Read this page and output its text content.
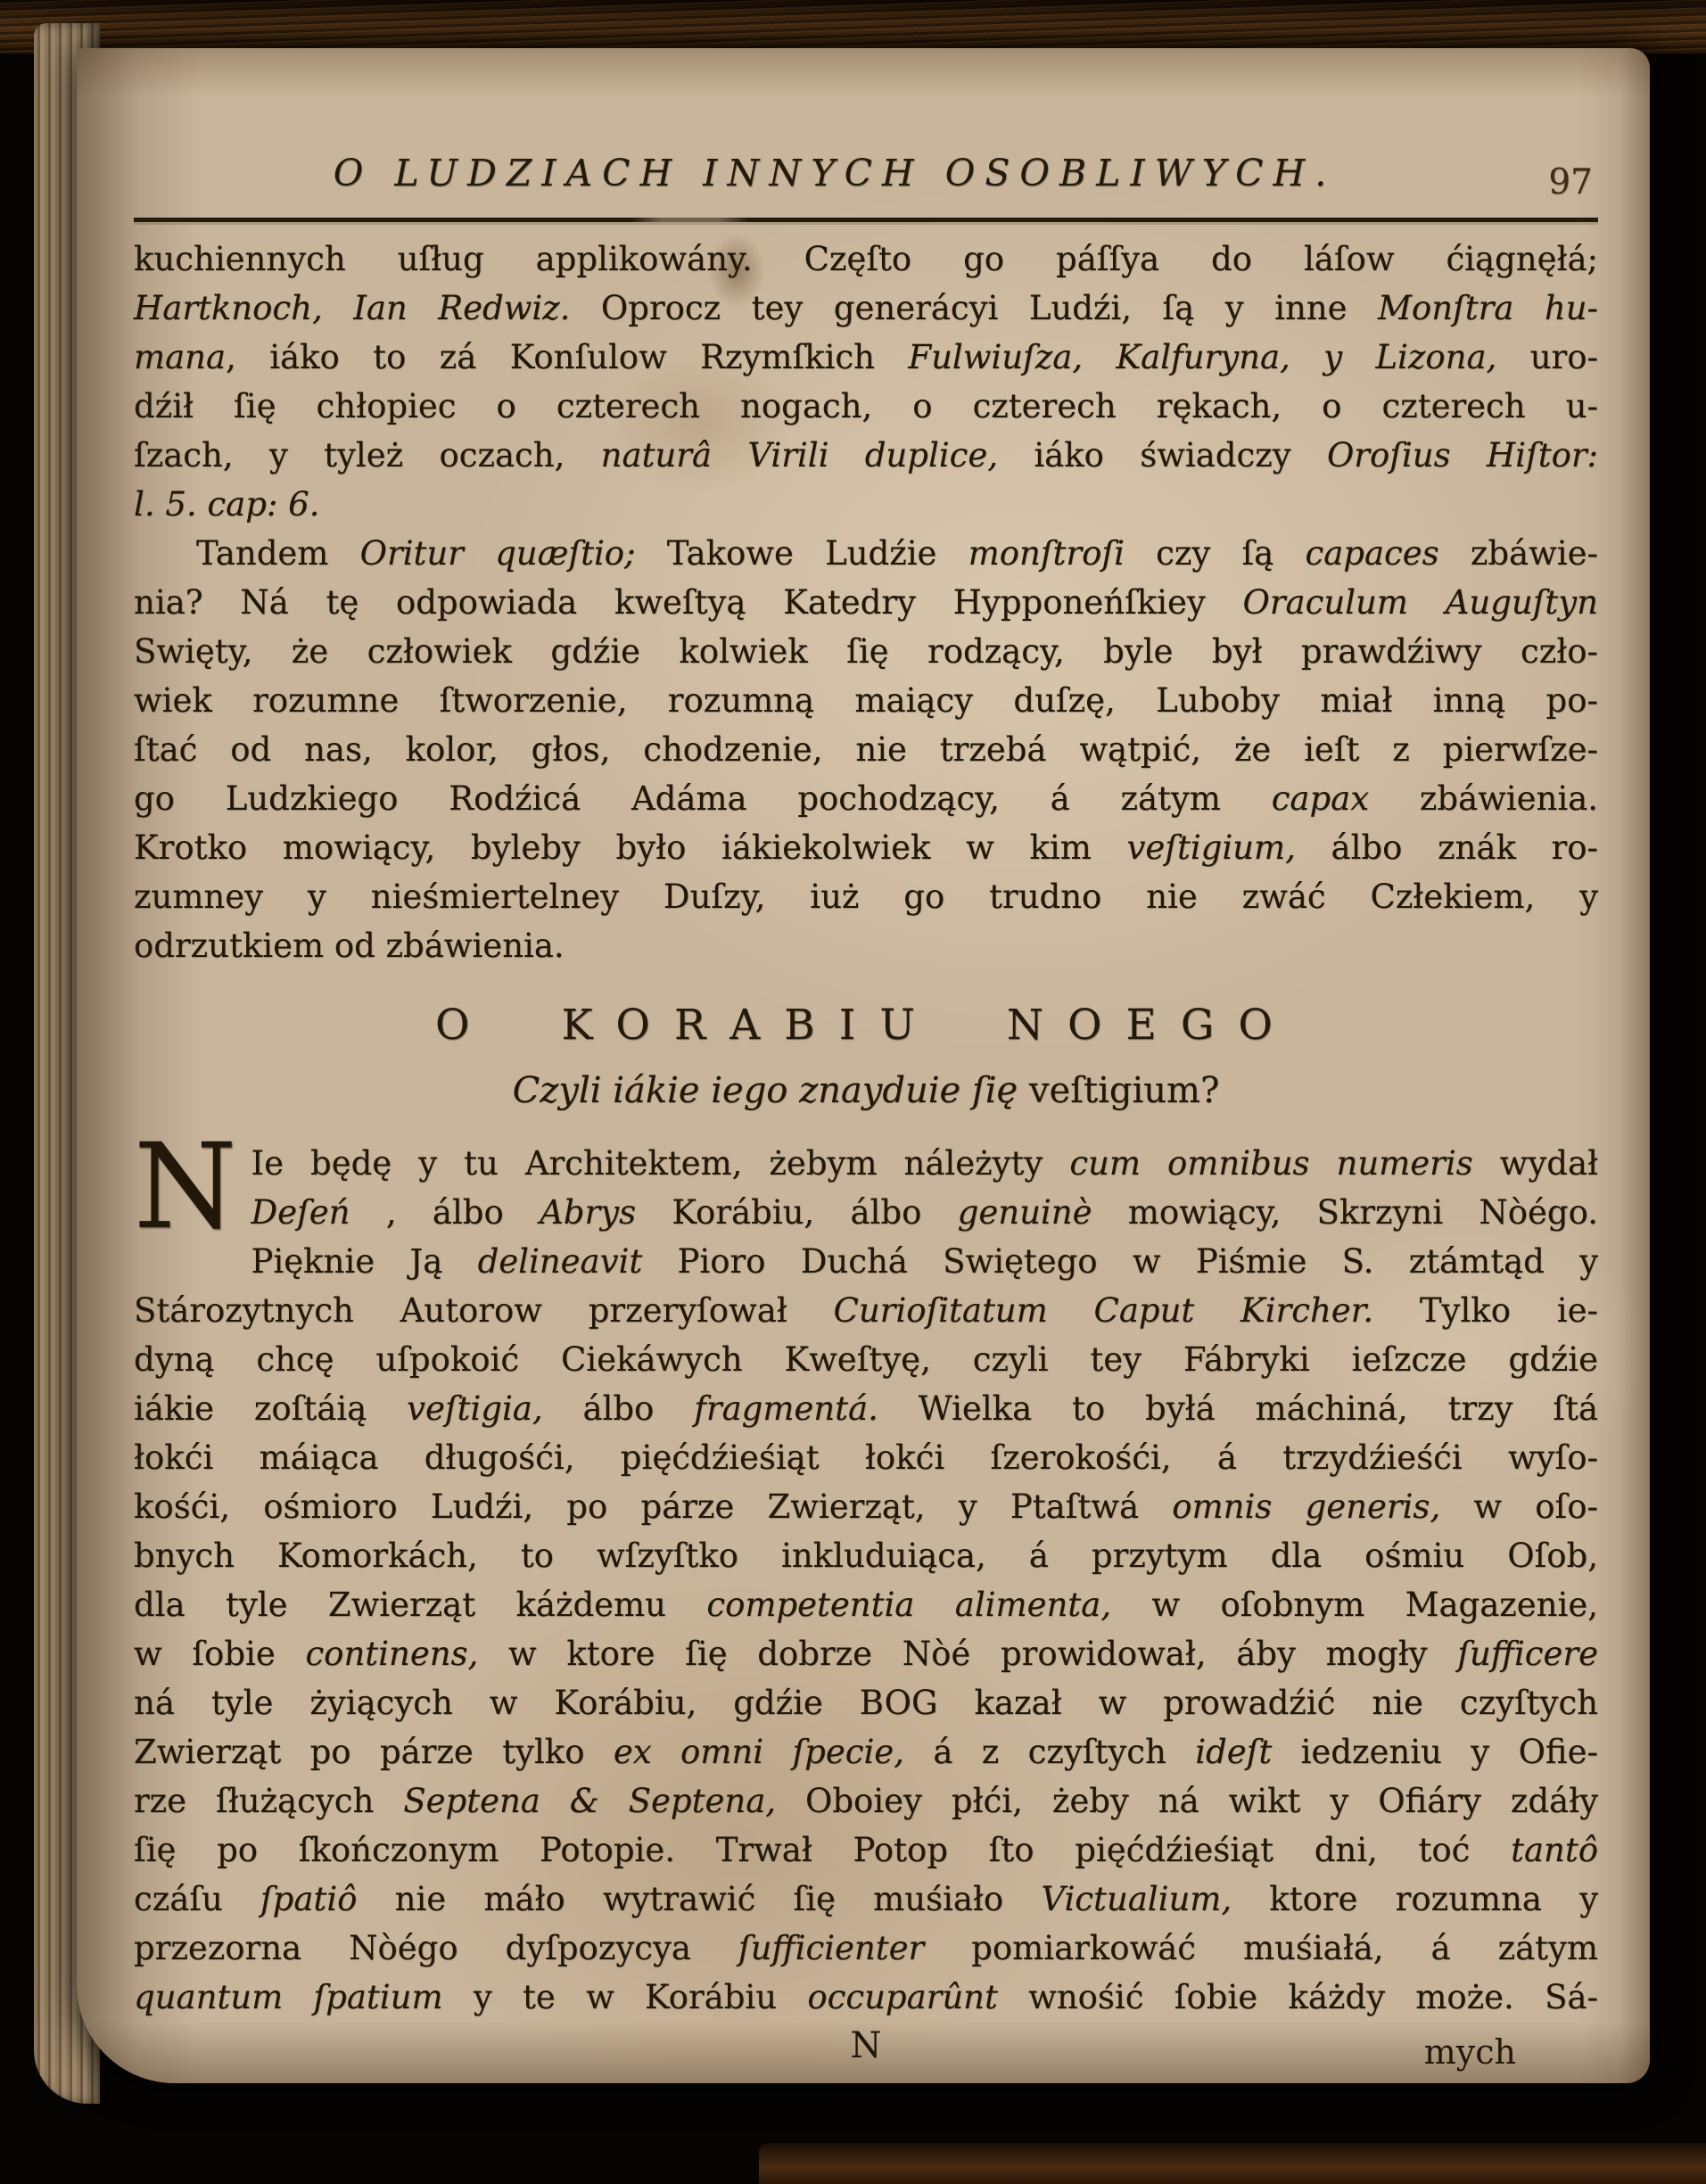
O LUDZIACH INNYCH OSOBLIWYCH.	97
kuchiennych uſług applikowány. Częſto go páſſya do láſow ćiągnęłá;
Hartknoch, Ian Redwiz. Oprocz tey generácyi Ludźi, ſą y inne Monſtra hu-
mana, iáko to zá Konſulow Rzymſkich Fulwiuſza, Kalfuryna, y Lizona, uro-
dźił ſię chłopiec o czterech nogach, o czterech rękach, o czterech u-
ſzach, y tyleż oczach, naturâ Virili duplice, iáko świadczy Oroſius Hiſtor:
l. 5. cap: 6.
Tandem Oritur quæſtio; Takowe Ludźie monſtroſi czy ſą capaces zbáwie-
nia? Ná tę odpowiada kweſtyą Katedry Hypponeńſkiey Oraculum Auguſtyn
Swięty, że człowiek gdźie kolwiek ſię rodzący, byle był prawdźiwy czło-
wiek rozumne ſtworzenie, rozumną maiący duſzę, Luboby miał inną po-
ſtać od nas, kolor, głos, chodzenie, nie trzebá wątpić, że ieſt z pierwſze-
go Ludzkiego Rodźicá Adáma pochodzący, á zátym capax zbáwienia.
Krotko mowiący, byleby było iákiekolwiek w kim veſtigium, álbo znák ro-
zumney y nieśmiertelney Duſzy, iuż go trudno nie zwáć Człekiem, y
odrzutkiem od zbáwienia.
O KORABIU NOEGO
Czyli iákie iego znayduie ſię veſtigium?
N Ie będę y tu Architektem, żebym náleżyty cum omnibus numeris wydał
Deſeń , álbo Abrys Korábiu, álbo genuinè mowiący, Skrzyni Nòégo.
Pięknie Ją delineavit Pioro Duchá Swiętego w Piśmie S. ztámtąd y
Stározytnych Autorow przeryſował Curioſitatum Caput Kircher. Tylko ie-
dyną chcę uſpokoić Ciekáwych Kweſtyę, czyli tey Fábryki ieſzcze gdźie
iákie zoſtáią veſtigia, álbo fragmentá. Wielka to byłá máchiná, trzy ſtá
łokći máiąca długośći, pięćdźieśiąt łokći ſzerokośći, á trzydźieśći wyſo-
kośći, ośmioro Ludźi, po párze Zwierząt, y Ptaſtwá omnis generis, w oſo-
bnych Komorkách, to wſzyſtko inkluduiąca, á przytym dla ośmiu Oſob,
dla tyle Zwierząt káżdemu competentia alimenta, w oſobnym Magazenie,
w ſobie continens, w ktore ſię dobrze Nòé prowidował, áby mogły ſufficere
ná tyle żyiących w Korábiu, gdźie BOG kazał w prowadźić nie czyſtych
Zwierząt po párze tylko ex omni ſpecie, á z czyſtych ideſt iedzeniu y Ofie-
rze ſłużących Septena & Septena, Oboiey płći, żeby ná wikt y Ofiáry zdáły
ſię po ſkończonym Potopie. Trwał Potop ſto pięćdźieśiąt dni, toć tantô
czáſu ſpatiô nie máło wytrawić ſię muśiało Victualium, ktore rozumna y
przezorna Nòégo dyſpozycya ſufficienter pomiarkowáć muśiałá, á zátym
quantum ſpatium y te w Korábiu occuparûnt wnośić ſobie káżdy może. Sá-
N	mych
